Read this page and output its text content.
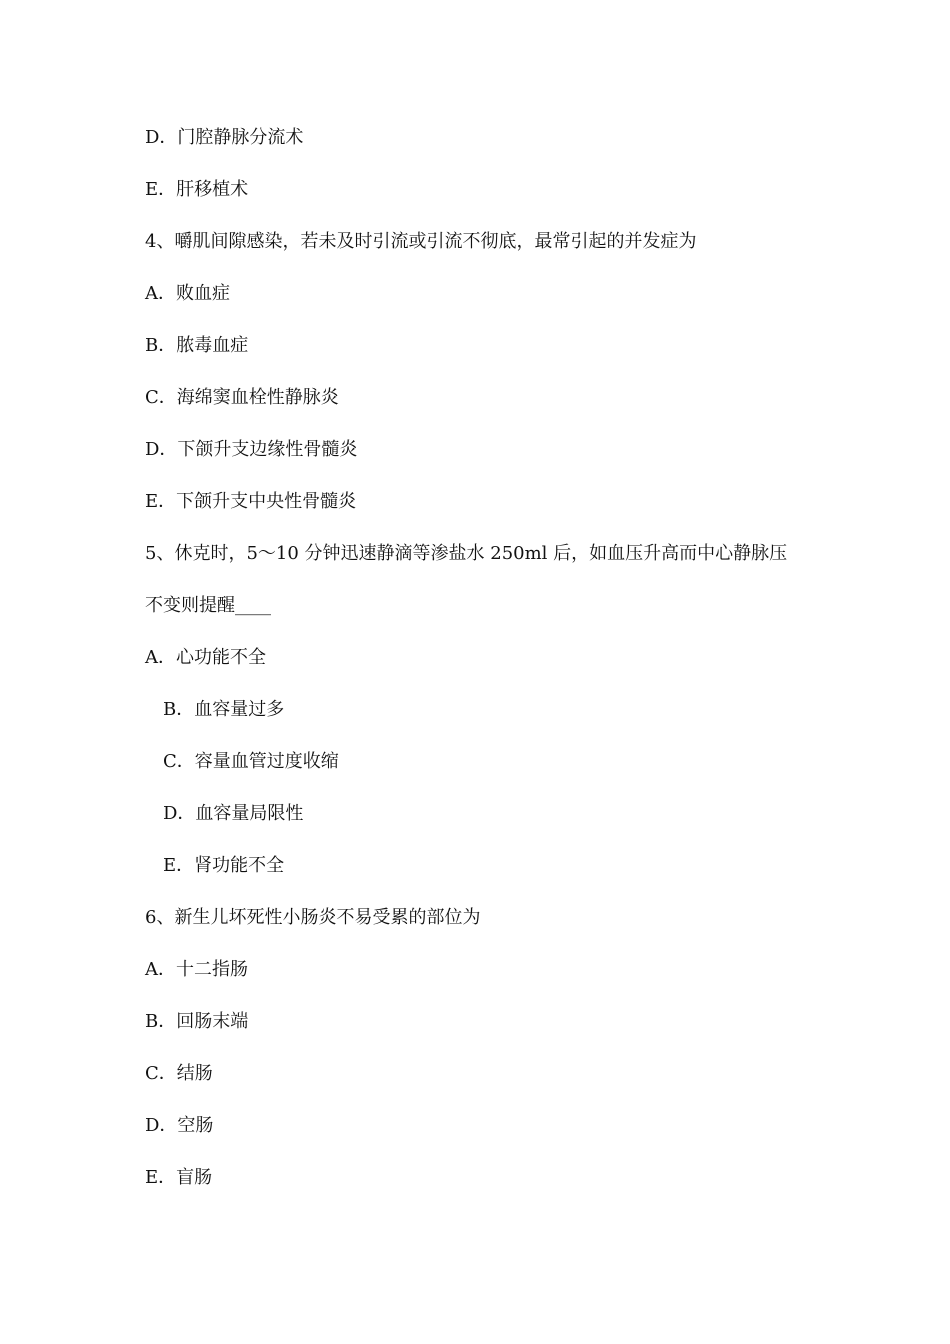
D．门腔静脉分流术
E．肝移植术
4、嚼肌间隙感染，若未及时引流或引流不彻底，最常引起的并发症为
A．败血症
B．脓毒血症
C．海绵窦血栓性静脉炎
D．下颌升支边缘性骨髓炎
E．下颌升支中央性骨髓炎
5、休克时，5～10 分钟迅速静滴等渗盐水 250ml 后，如血压升高而中心静脉压
不变则提醒____
A．心功能不全
B．血容量过多
C．容量血管过度收缩
D．血容量局限性
E．肾功能不全
6、新生儿坏死性小肠炎不易受累的部位为
A．十二指肠
B．回肠末端
C．结肠
D．空肠
E．盲肠
